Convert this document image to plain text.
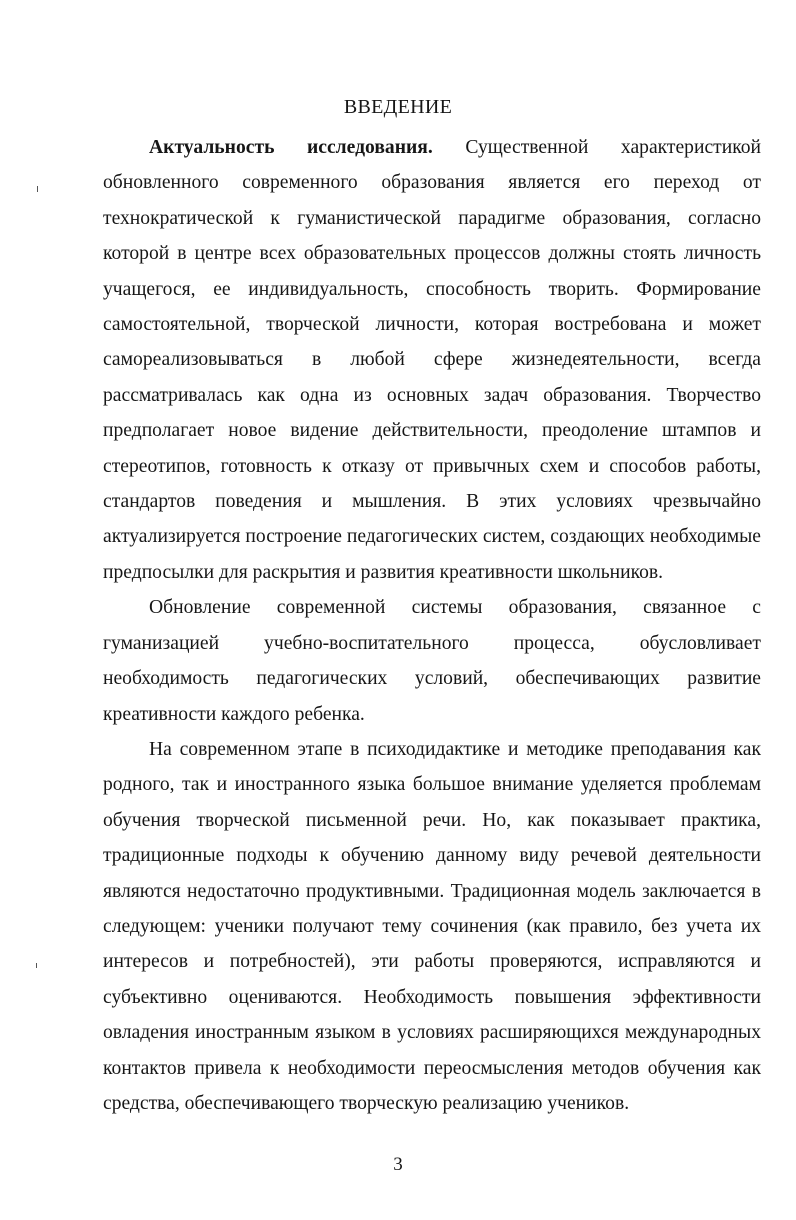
ВВЕДЕНИЕ

Актуальность исследования. Существенной характеристикой обновленного современного образования является его переход от технократической к гуманистической парадигме образования, согласно которой в центре всех образовательных процессов должны стоять личность учащегося, ее индивидуальность, способность творить. Формирование самостоятельной, творческой личности, которая востребована и может самореализовываться в любой сфере жизнедеятельности, всегда рассматривалась как одна из основных задач образования. Творчество предполагает новое видение действительности, преодоление штампов и стереотипов, готовность к отказу от привычных схем и способов работы, стандартов поведения и мышления. В этих условиях чрезвычайно актуализируется построение педагогических систем, создающих необходимые предпосылки для раскрытия и развития креативности школьников.

Обновление современной системы образования, связанное с гуманизацией учебно-воспитательного процесса, обусловливает необходимость педагогических условий, обеспечивающих развитие креативности каждого ребенка.

На современном этапе в психодидактике и методике преподавания как родного, так и иностранного языка большое внимание уделяется проблемам обучения творческой письменной речи. Но, как показывает практика, традиционные подходы к обучению данному виду речевой деятельности являются недостаточно продуктивными. Традиционная модель заключается в следующем: ученики получают тему сочинения (как правило, без учета их интересов и потребностей), эти работы проверяются, исправляются и субъективно оцениваются. Необходимость повышения эффективности овладения иностранным языком в условиях расширяющихся международных контактов привела к необходимости переосмысления методов обучения как средства, обеспечивающего творческую реализацию учеников.

3
